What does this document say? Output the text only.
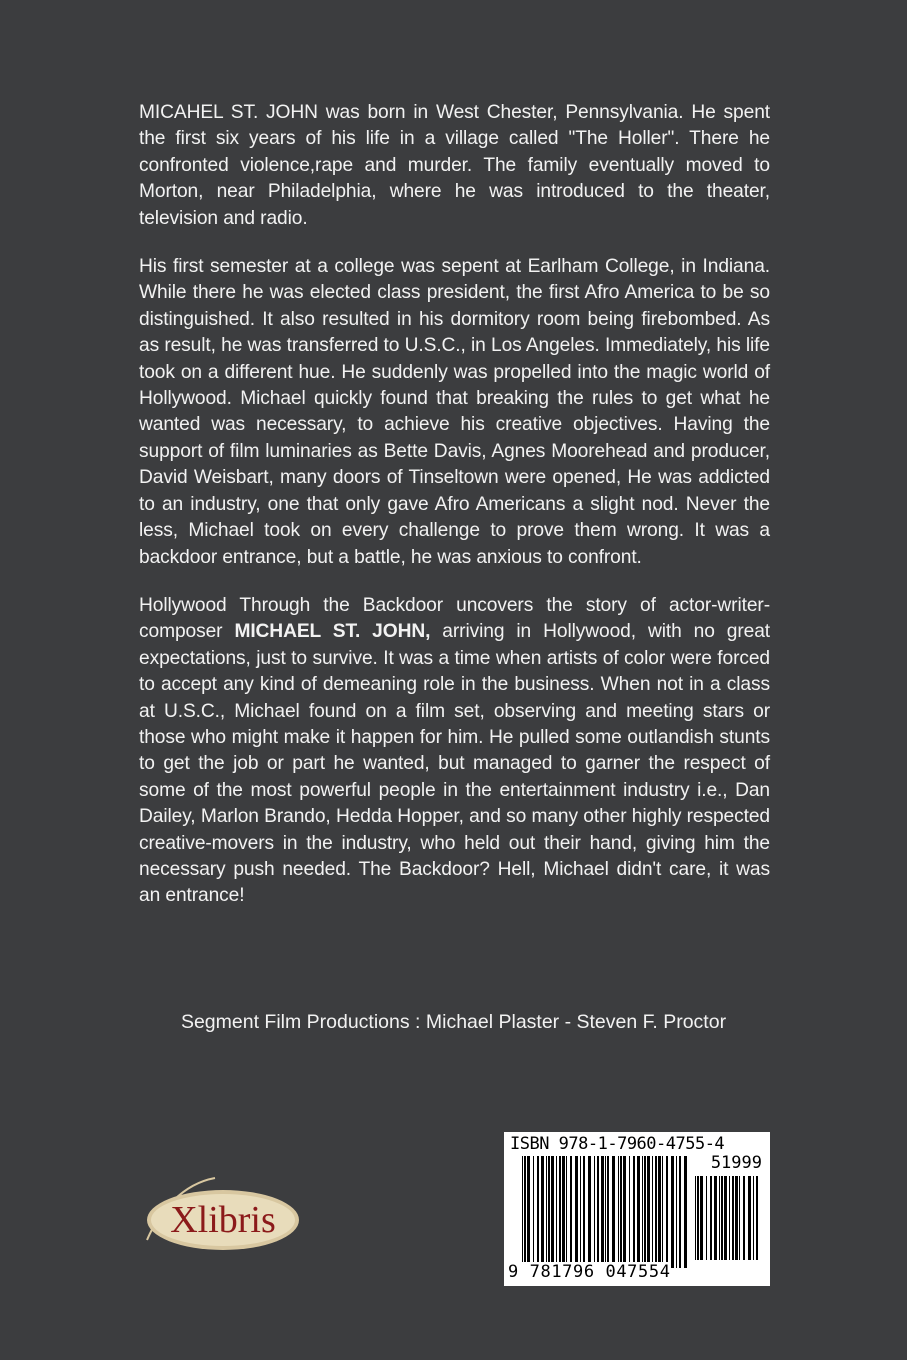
MICAHEL ST. JOHN was born in West Chester, Pennsylvania. He spent the first six years of his life in a village called "The Holler". There he confronted violence,rape and murder. The family eventually moved to Morton, near Philadelphia, where he was introduced to the theater, television and radio.

His first semester at a college was sepent at Earlham College, in Indiana. While there he was elected class president, the first Afro America to be so distinguished. It also resulted in his dormitory room being firebombed. As as result, he was transferred to U.S.C., in Los Angeles. Immediately, his life took on a different hue. He suddenly was propelled into the magic world of Hollywood. Michael quickly found that breaking the rules to get what he wanted was necessary, to achieve his creative objectives. Having the support of film luminaries as Bette Davis, Agnes Moorehead and producer, David Weisbart, many doors of Tinseltown were opened, He was addicted to an industry, one that only gave Afro Americans a slight nod. Never the less, Michael took on every challenge to prove them wrong. It was a backdoor entrance, but a battle, he was anxious to confront.

Hollywood Through the Backdoor uncovers the story of actor-writer-composer MICHAEL ST. JOHN, arriving in Hollywood, with no great expectations, just to survive. It was a time when artists of color were forced to accept any kind of demeaning role in the business. When not in a class at U.S.C., Michael found on a film set, observing and meeting stars or those who might make it happen for him. He pulled some outlandish stunts to get the job or part he wanted, but managed to garner the respect of some of the most powerful people in the entertainment industry i.e., Dan Dailey, Marlon Brando, Hedda Hopper, and so many other highly respected creative-movers in the industry, who held out their hand, giving him the necessary push needed. The Backdoor? Hell, Michael didn't care, it was an entrance!

Segment Film Productions : Michael Plaster - Steven F. Proctor
Xlibris
ISBN 978-1-7960-4755-4
51999
9 781796 047554
